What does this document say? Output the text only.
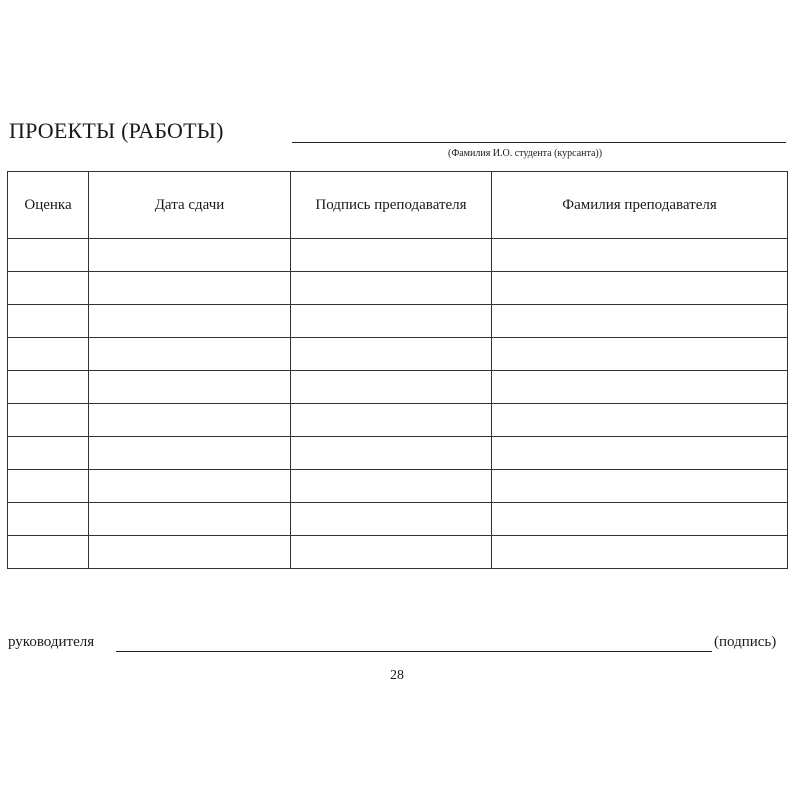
ПРОЕКТЫ (РАБОТЫ)
(Фамилия И.О. студента (курсанта))
Оценка	Дата сдачи	Подпись преподавателя	Фамилия преподавателя

руководителя	(подпись)
28
